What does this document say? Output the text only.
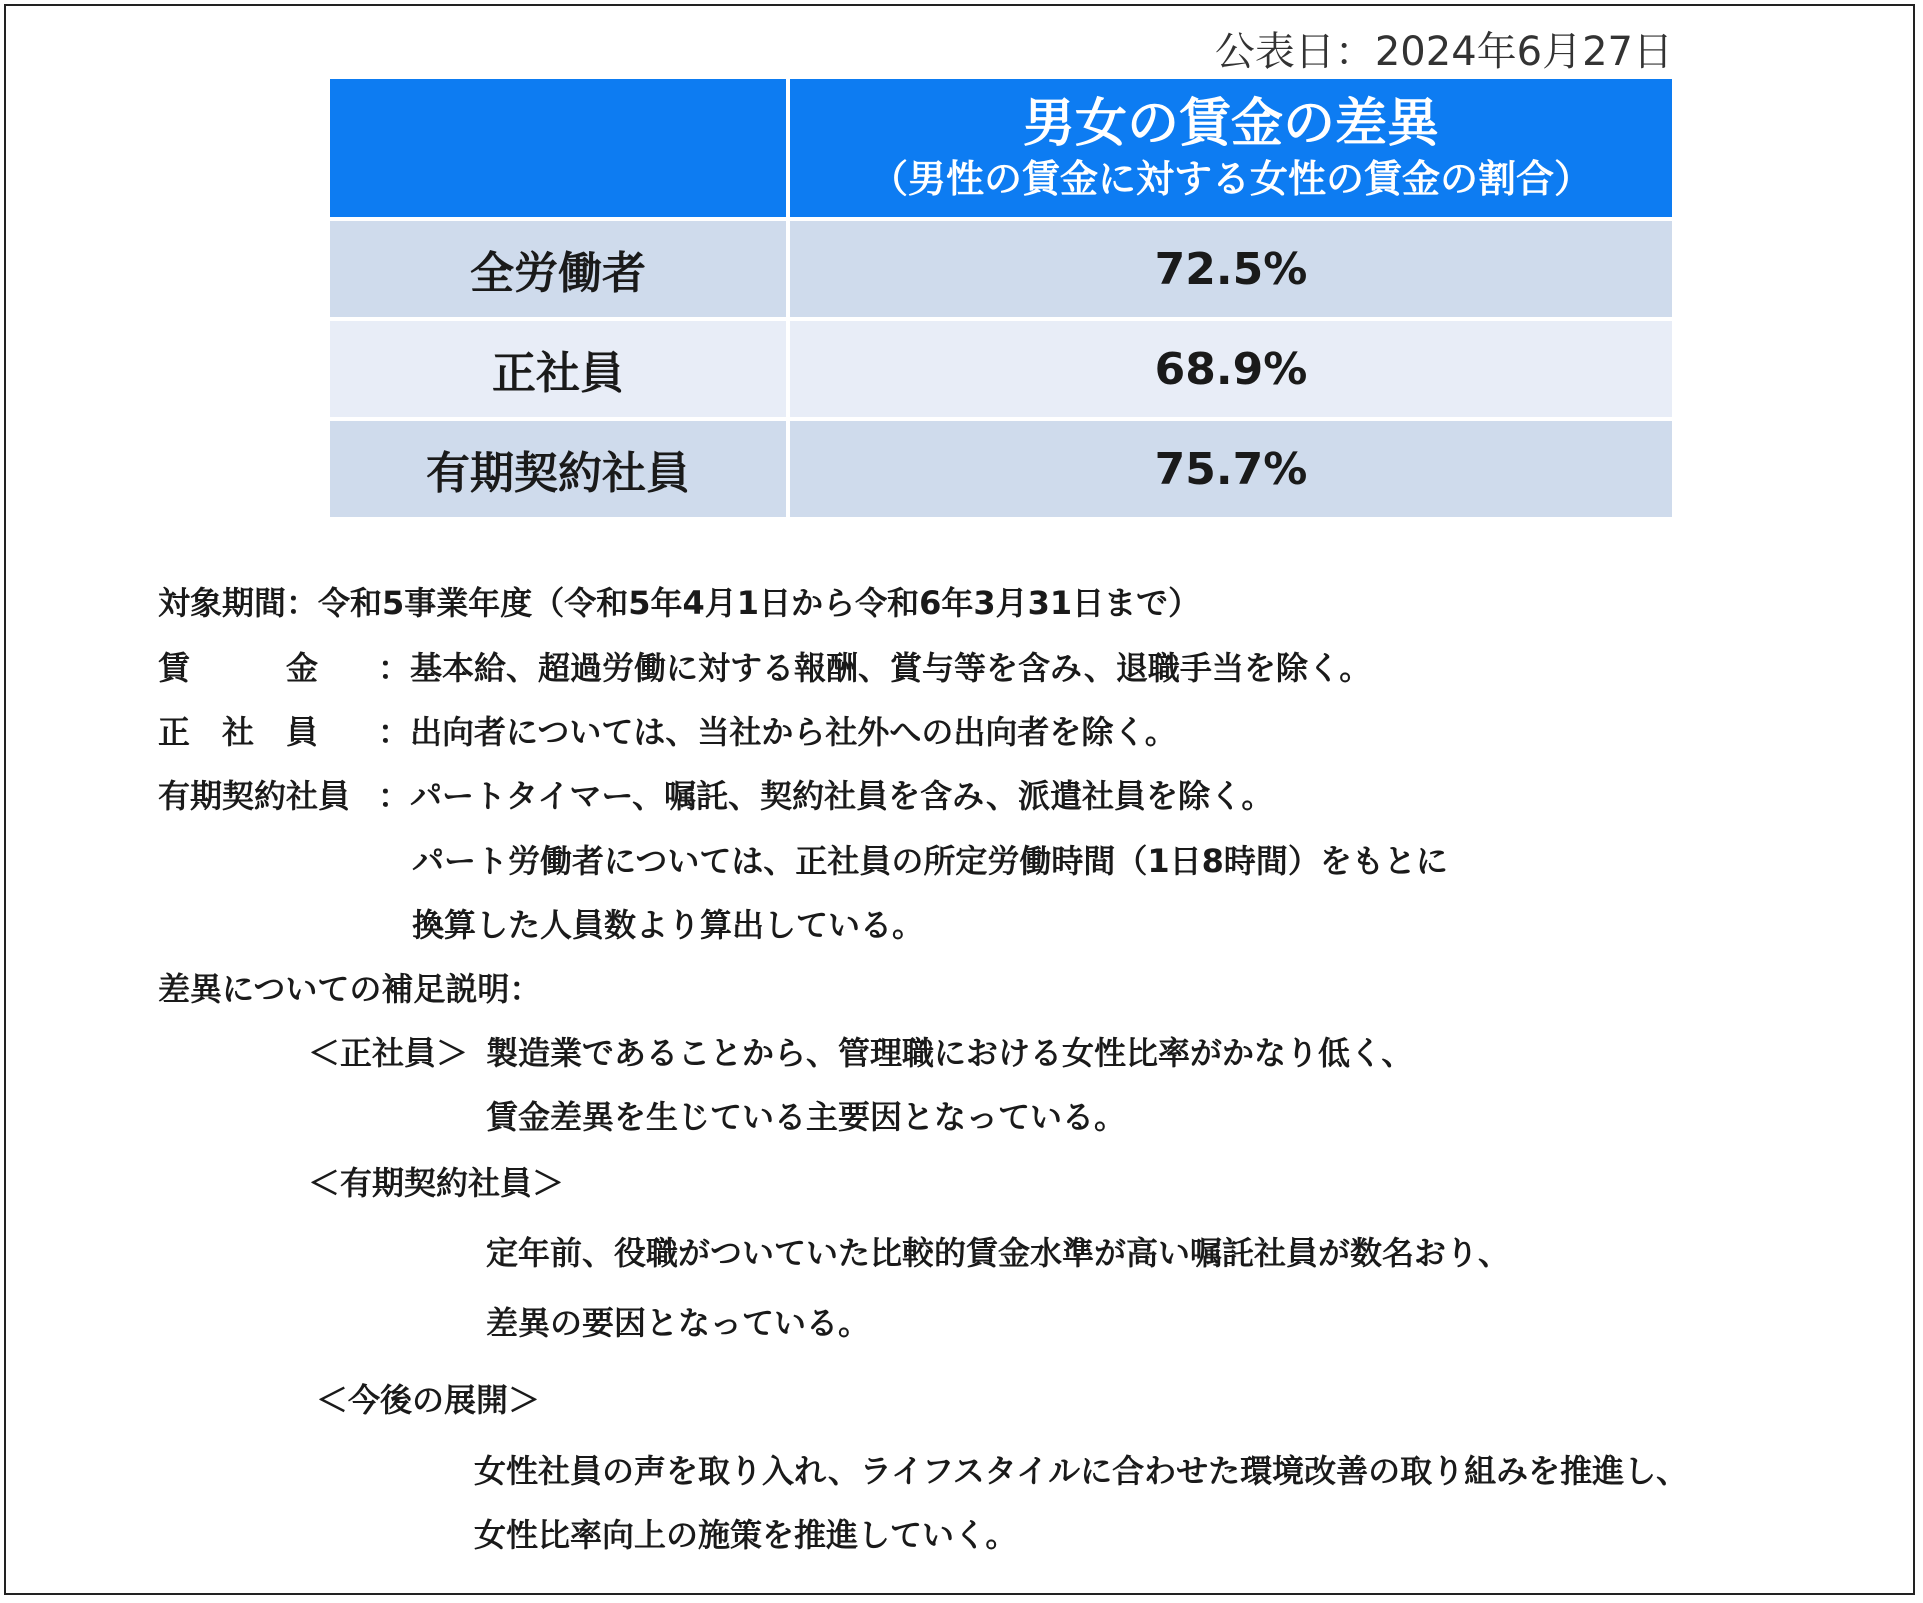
公表日：2024年6月27日

	男女の賃金の差異
（男性の賃金に対する女性の賃金の割合）

全労働者	72.5%
正社員	68.9%
有期契約社員	75.7%
対象期間：令和5事業年度（令和5年4月1日から令和6年3月31日まで）
賃　　　金 ：基本給、超過労働に対する報酬、賞与等を含み、退職手当を除く。
正　社　員 ：出向者については、当社から社外への出向者を除く。
有期契約社員 ：パートタイマー、嘱託、契約社員を含み、派遣社員を除く。
パート労働者については、正社員の所定労働時間（1日8時間）をもとに
換算した人員数より算出している。
差異についての補足説明：
＜正社員＞ 製造業であることから、管理職における女性比率がかなり低く、
賃金差異を生じている主要因となっている。
＜有期契約社員＞
定年前、役職がついていた比較的賃金水準が高い嘱託社員が数名おり、
差異の要因となっている。
＜今後の展開＞
女性社員の声を取り入れ、ライフスタイルに合わせた環境改善の取り組みを推進し、
女性比率向上の施策を推進していく。
